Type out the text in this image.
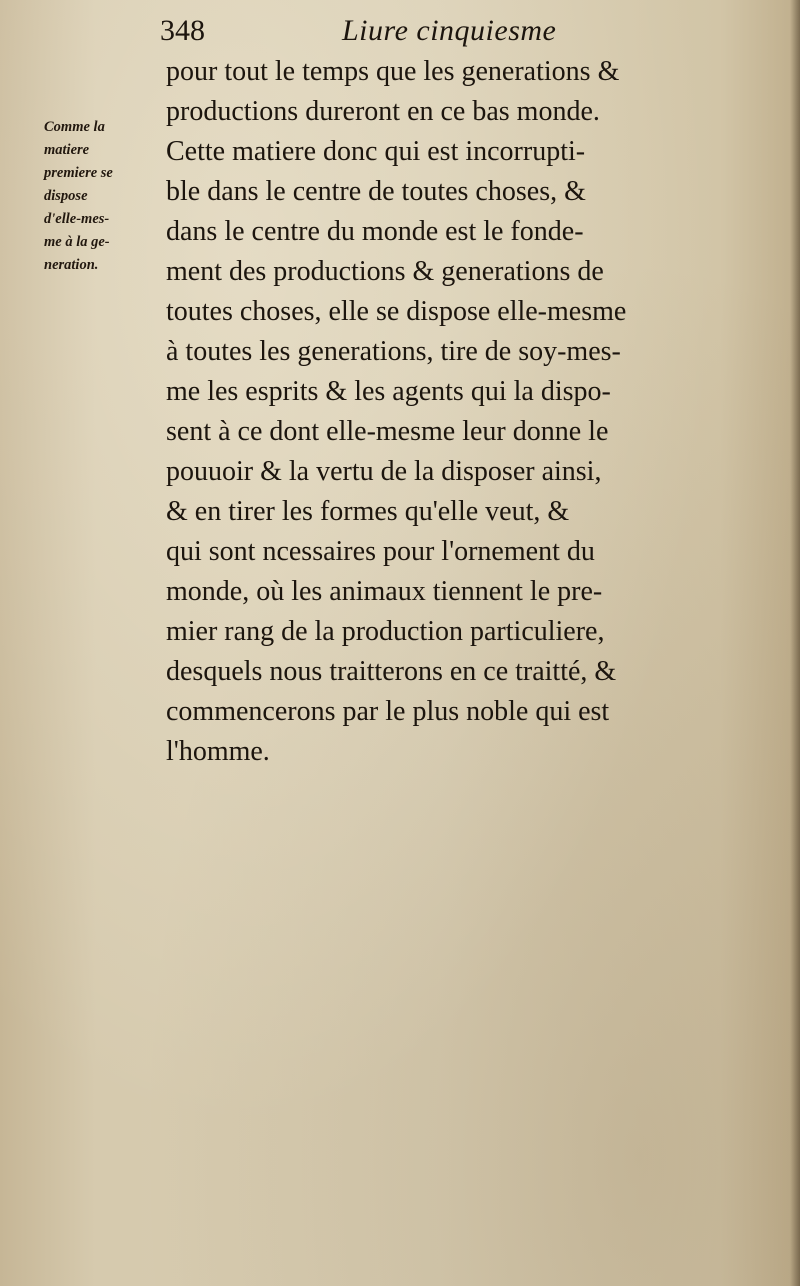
348	Liure cinquiesme
Comme la
matiere
premiere se
dispose
d'elle-mes-
me à la ge-
neration.
pour tout le temps que les generations &
productions dureront en ce bas monde.
Cette matiere donc qui est incorrupti-
ble dans le centre de toutes choses, &
dans le centre du monde est le fonde-
ment des productions & generations de
toutes choses, elle se dispose elle-mesme
à toutes les generations, tire de soy-mes-
me les esprits & les agents qui la dispo-
sent à ce dont elle-mesme leur donne le
pouuoir & la vertu de la disposer ainsi,
& en tirer les formes qu'elle veut, &
qui sont ncessaires pour l'ornement du
monde, où les animaux tiennent le pre-
mier rang de la production particuliere,
desquels nous traitterons en ce traitté, &
commencerons par le plus noble qui est
l'homme.
